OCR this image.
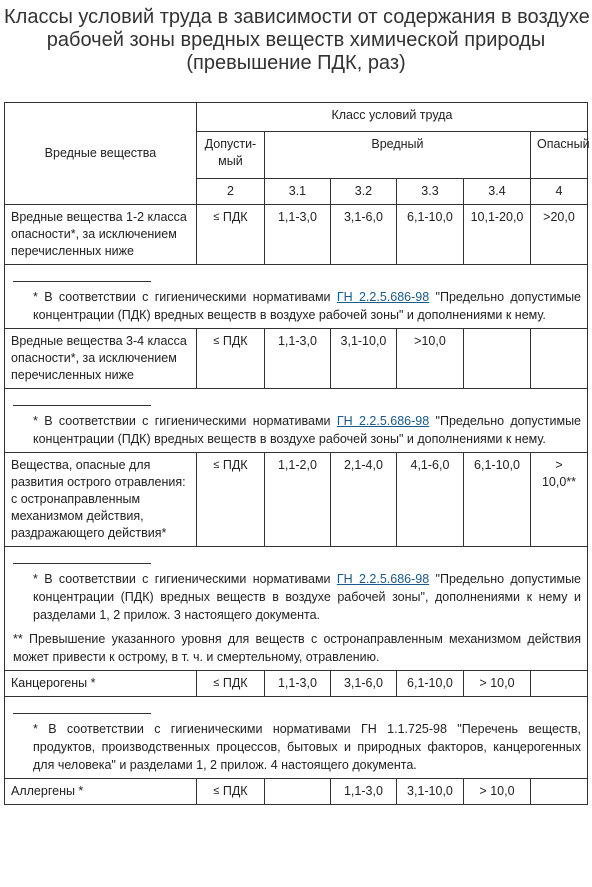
Классы условий труда в зависимости от содержания в воздухе
рабочей зоны вредных веществ химической природы
(превышение ПДК, раз)
Вредные вещества	Класс условий труда					
	Допусти-мый	Вредный				Опасный
	2	3.1	3.2	3.3	3.4	4
Вредные вещества 1-2 класса опасности*, за исключением перечисленных ниже	≤ ПДК	1,1-3,0	3,1-6,0	6,1-10,0	10,1-20,0	>20,0

* В соответствии с гигиеническими нормативами ГН 2.2.5.686-98 "Предельно допустимые концентрации (ПДК) вредных веществ в воздухе рабочей зоны" и дополнениями к нему.						

Вредные вещества 3-4 класса опасности*, за исключением перечисленных ниже	≤ ПДК	1,1-3,0	3,1-10,0	>10,0		

* В соответствии с гигиеническими нормативами ГН 2.2.5.686-98 "Предельно допустимые концентрации (ПДК) вредных веществ в воздухе рабочей зоны" и дополнениями к нему.						

Вещества, опасные для развития острого отравления: с остронаправленным механизмом действия, раздражающего действия*	≤ ПДК	1,1-2,0	2,1-4,0	4,1-6,0	6,1-10,0	> 10,0**

* В соответствии с гигиеническими нормативами ГН 2.2.5.686-98 "Предельно допустимые концентрации (ПДК) вредных веществ в воздухе рабочей зоны", дополнениями к нему и разделами 1, 2 прилож. 3 настоящего документа.
** Превышение указанного уровня для веществ с остронаправленным механизмом действия может привести к острому, в т. ч. и смертельному, отравлению.						

Канцерогены *	≤ ПДК	1,1-3,0	3,1-6,0	6,1-10,0	> 10,0	

* В соответствии с гигиеническими нормативами ГН 1.1.725-98 "Перечень веществ, продуктов, производственных процессов, бытовых и природных факторов, канцерогенных для человека" и разделами 1, 2 прилож. 4 настоящего документа.						

Аллергены *	≤ ПДК		1,1-3,0	3,1-10,0	> 10,0	
